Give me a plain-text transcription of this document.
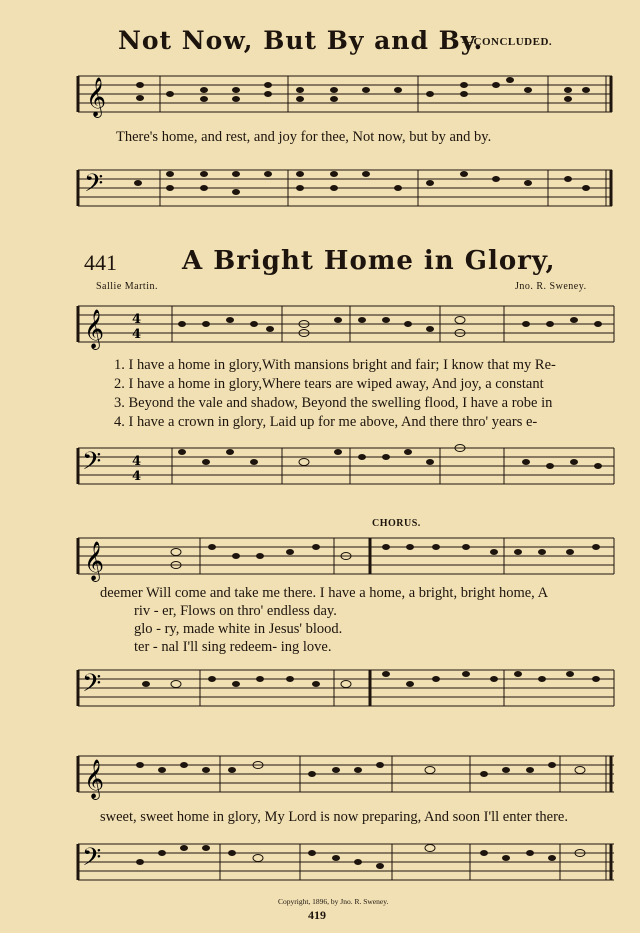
Not Now, But By and By.
—CONCLUDED.
𝄞
There's home, and rest, and joy for thee, Not now, but by and by.
𝄢
441	A Bright Home in Glory,
Sallie Martin.	Jno. R. Sweney.
𝄞 4
4
1. I have a home in glory,With mansions bright and fair; I know that my Re-
2. I have a home in glory,Where tears are wiped away, And joy, a constant
3. Beyond the vale and shadow, Beyond the swelling flood, I have a robe in
4. I have a crown in glory, Laid up for me above, And there thro' years e-
𝄢 4
4
CHORUS.
𝄞
deemer Will come and take me there. I have a home, a bright, bright home, A
riv - er, Flows on thro' endless day.
glo - ry, made white in Jesus' blood.
ter - nal I'll sing redeem- ing love.
𝄢
𝄞
sweet, sweet home in glory, My Lord is now preparing, And soon I'll enter there.
𝄢
Copyright, 1896, by Jno. R. Sweney.
419
